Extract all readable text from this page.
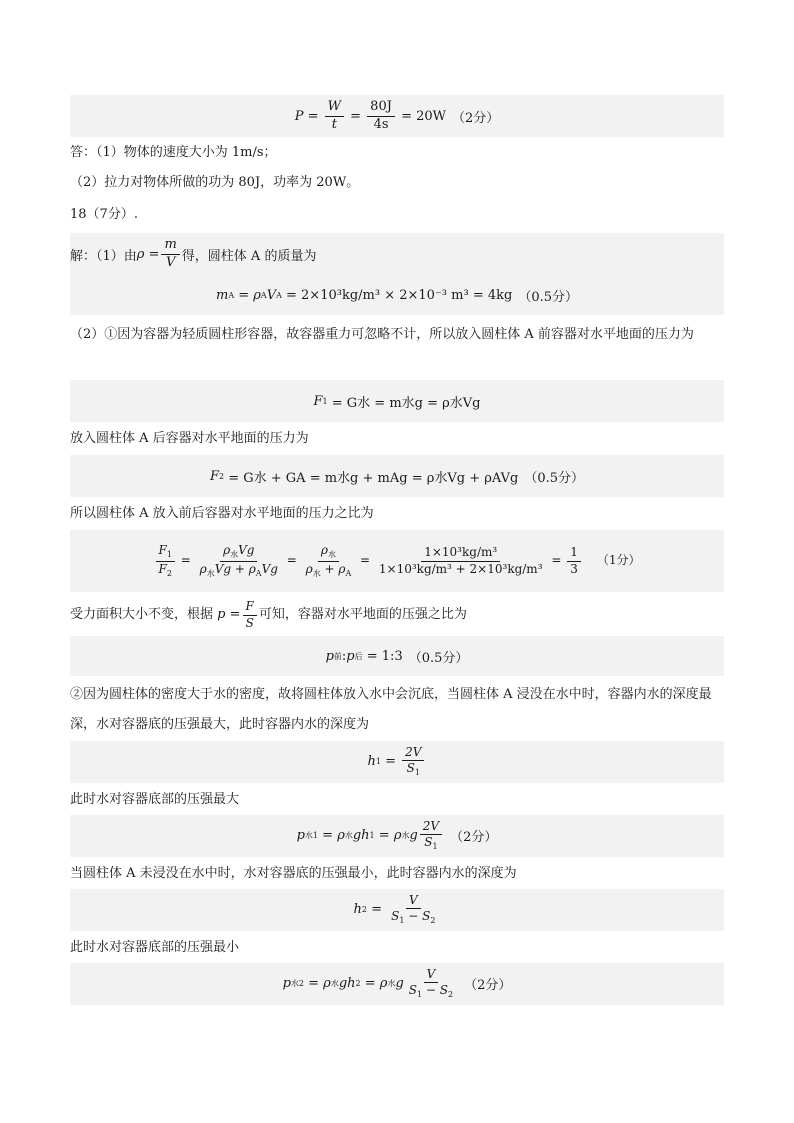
$P = \frac{W}{t} = \frac{80J}{4s} = 20W$ （2分）
答：（1）物体的速度大小为 1m/s；
（2）拉力对物体所做的功为 80J，功率为 20W。
18（7分）.
解：（1）由 $\rho = \frac{m}{V}$ 得，圆柱体 A 的质量为
m A = ρ A V A
= 2×10³kg/m³ × 2×10⁻³ m³ = 4kg （0.5分）
（2）①因为容器为轻质圆柱形容器，故容器重力可忽略不计，所以放入圆柱体 A 前容器对水平地面的压力为
F 1
= G水 = m水g = ρ水Vg
放入圆柱体 A 后容器对水平地面的压力为
F 2
= G水 + GA = m水g + mAg = ρ水Vg + ρAVg （0.5分）
所以圆柱体 A 放入前后容器对水平地面的压力之比为
$\frac{F_1}{F_2} = \frac{\rho_水Vg}{\rho_水Vg + \rho_AVg} = \frac{\rho_水}{\rho_水 + \rho_A} = \frac{\text{1×10³kg/m³}}{\text{1×10³kg/m³ + 2×10³kg/m³}} = \frac{1}{3} (1$分）
受力面积大小不变，根据 $p = \frac{F}{S}$ 可知，容器对水平地面的压强之比为
p 前 : p 后
= 1:3 （0.5分）
②因为圆柱体的密度大于水的密度，故将圆柱体放入水中会沉底，当圆柱体 A 浸没在水中时，容器内水的深度最深，水对容器底的压强最大，此时容器内水的深度为
h $1 = \frac{2V}{S_1}$
此时水对容器底部的压强最大
p 水1 = ρ 水 gh 1 = ρ 水 g $\frac{2V}{S_1} (2$分）
当圆柱体 A 未浸没在水中时，水对容器底的压强最小，此时容器内水的深度为
h $2 = \frac{V}{S_1 - S_2}$
此时水对容器底部的压强最小
p 水2 = ρ 水 gh 2 = ρ 水 g $\frac{V}{S_1 - S_2} (2$分）
